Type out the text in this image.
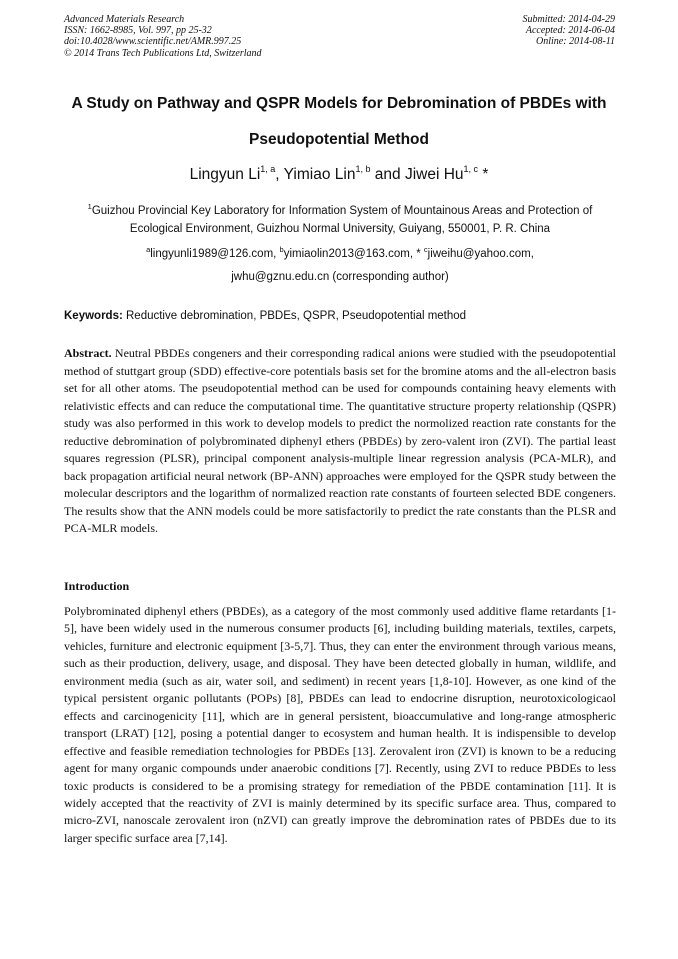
Advanced Materials Research
ISSN: 1662-8985, Vol. 997, pp 25-32
doi:10.4028/www.scientific.net/AMR.997.25
© 2014 Trans Tech Publications Ltd, Switzerland
Submitted: 2014-04-29
Accepted: 2014-06-04
Online: 2014-08-11
A Study on Pathway and QSPR Models for Debromination of PBDEs with
Pseudopotential Method
Lingyun Li$^{1, a}$, Yimiao Lin$^{1, b}$ and Jiwei Hu$^{1, c}$ *
$^1$Guizhou Provincial Key Laboratory for Information System of Mountainous Areas and Protection of Ecological Environment, Guizhou Normal University, Guiyang, 550001, P. R. China
$^a$lingyunli1989@126.com, $^b$yimiaolin2013@163.com, * $^c$jiweihu@yahoo.com,
jwhu@gznu.edu.cn (corresponding author)
Keywords: Reductive debromination, PBDEs, QSPR, Pseudopotential method
Abstract. Neutral PBDEs congeners and their corresponding radical anions were studied with the pseudopotential method of stuttgart group (SDD) effective-core potentials basis set for the bromine atoms and the all-electron basis set for all other atoms. The pseudopotential method can be used for compounds containing heavy elements with relativistic effects and can reduce the computational time. The quantitative structure property relationship (QSPR) study was also performed in this work to develop models to predict the normolized reaction rate constants for the reductive debromination of polybrominated diphenyl ethers (PBDEs) by zero-valent iron (ZVI). The partial least squares regression (PLSR), principal component analysis-multiple linear regression analysis (PCA-MLR), and back propagation artificial neural network (BP-ANN) approaches were employed for the QSPR study between the molecular descriptors and the logarithm of normalized reaction rate constants of fourteen selected BDE congeners. The results show that the ANN models could be more satisfactorily to predict the rate constants than the PLSR and PCA-MLR models.
Introduction
Polybrominated diphenyl ethers (PBDEs), as a category of the most commonly used additive flame retardants [1-5], have been widely used in the numerous consumer products [6], including building materials, textiles, carpets, vehicles, furniture and electronic equipment [3-5,7]. Thus, they can enter the environment through various means, such as their production, delivery, usage, and disposal. They have been detected globally in human, wildlife, and environment media (such as air, water soil, and sediment) in recent years [1,8-10]. However, as one kind of the typical persistent organic pollutants (POPs) [8], PBDEs can lead to endocrine disruption, neurotoxicologicaol effects and carcinogenicity [11], which are in general persistent, bioaccumulative and long-range atmospheric transport (LRAT) [12], posing a potential danger to ecosystem and human health. It is indispensible to develop effective and feasible remediation technologies for PBDEs [13]. Zerovalent iron (ZVI) is known to be a reducing agent for many organic compounds under anaerobic conditions [7]. Recently, using ZVI to reduce PBDEs to less toxic products is considered to be a promising strategy for remediation of the PBDE contamination [11]. It is widely accepted that the reactivity of ZVI is mainly determined by its specific surface area. Thus, compared to micro-ZVI, nanoscale zerovalent iron (nZVI) can greatly improve the debromination rates of PBDEs due to its larger specific surface area [7,14].
